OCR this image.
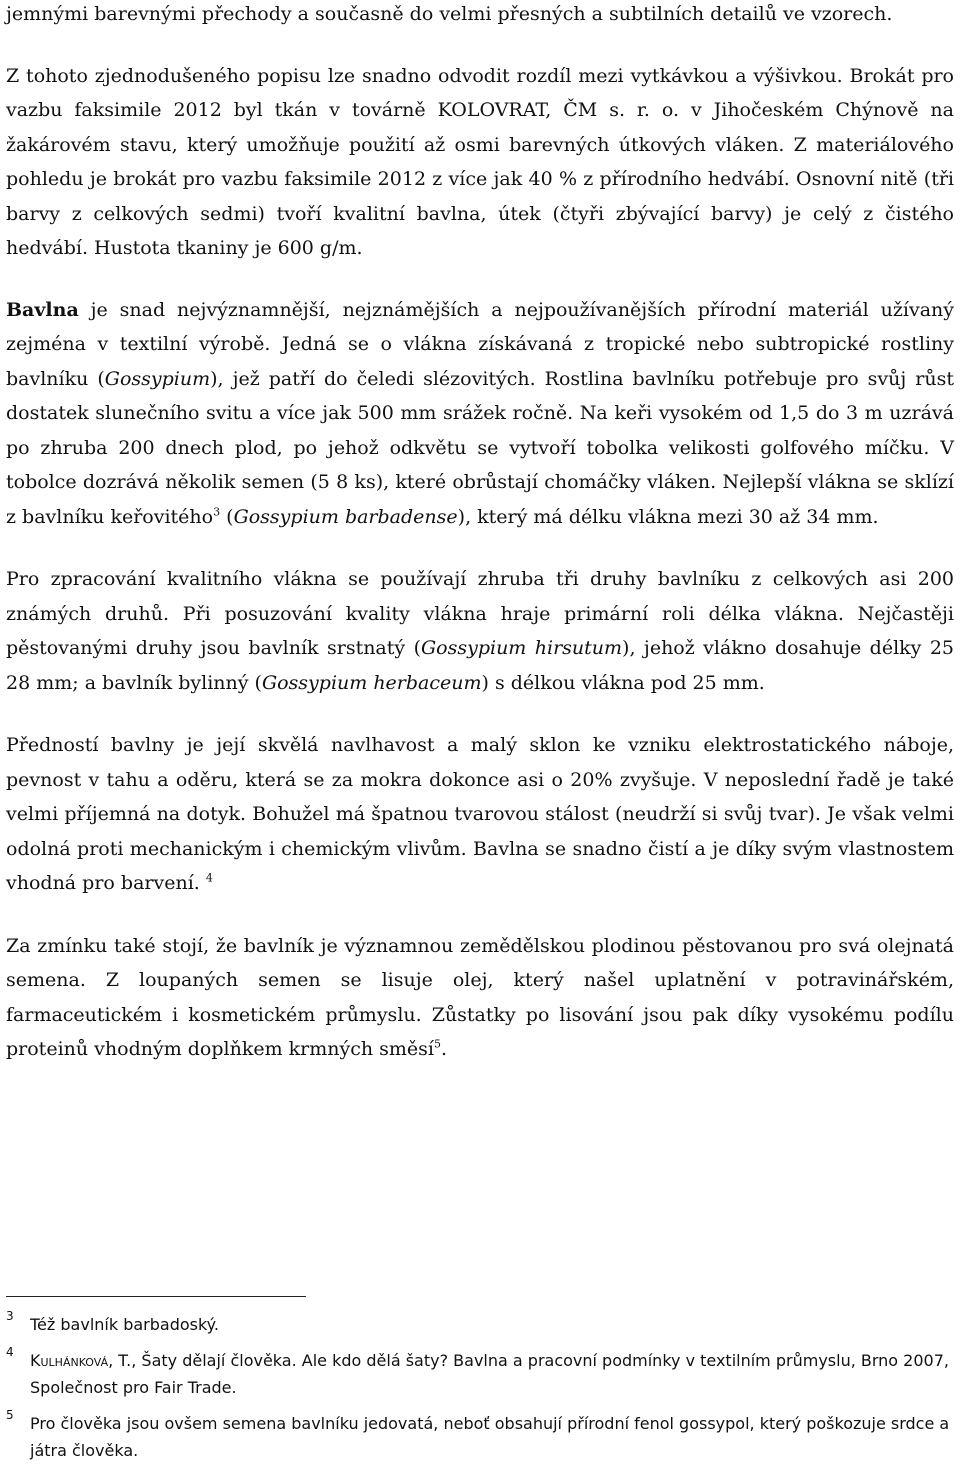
jemnými barevnými přechody a současně do velmi přesných a subtilních detailů ve vzorech.

Z tohoto zjednodušeného popisu lze snadno odvodit rozdíl mezi vytkávkou a výšivkou. Brokát pro vazbu faksimile 2012 byl tkán v továrně KOLOVRAT, ČM s. r. o. v Jihočeském Chýnově na žakárovém stavu, který umožňuje použití až osmi barevných útkových vláken. Z materiálového pohledu je brokát pro vazbu faksimile 2012 z více jak 40 % z přírodního hedvábí. Osnovní nitě (tři barvy z celkových sedmi) tvoří kvalitní bavlna, útek (čtyři zbývající barvy) je celý z čistého hedvábí. Hustota tkaniny je 600 g/m.

Bavlna je snad nejvýznamnější, nejznámějších a nejpoužívanějších přírodní materiál užívaný zejména v textilní výrobě. Jedná se o vlákna získávaná z tropické nebo subtropické rostliny bavlníku (Gossypium), jež patří do čeledi slézovitých. Rostlina bavlníku potřebuje pro svůj růst dostatek slunečního svitu a více jak 500 mm srážek ročně. Na keři vysokém od 1,5 do 3 m uzrává po zhruba 200 dnech plod, po jehož odkvětu se vytvoří tobolka velikosti golfového míčku. V tobolce dozrává několik semen (5 8 ks), které obrůstají chomáčky vláken. Nejlepší vlákna se sklízí z bavlníku keřovitého$^3$ (Gossypium barbadense), který má délku vlákna mezi 30 až 34 mm.

Pro zpracování kvalitního vlákna se používají zhruba tři druhy bavlníku z celkových asi 200 známých druhů. Při posuzování kvality vlákna hraje primární roli délka vlákna. Nejčastěji pěstovanými druhy jsou bavlník srstnatý (Gossypium hirsutum), jehož vlákno dosahuje délky 25 28 mm; a bavlník bylinný (Gossypium herbaceum) s délkou vlákna pod 25 mm.

Předností bavlny je její skvělá navlhavost a malý sklon ke vzniku elektrostatického náboje, pevnost v tahu a oděru, která se za mokra dokonce asi o 20% zvyšuje. V neposlední řadě je také velmi příjemná na dotyk. Bohužel má špatnou tvarovou stálost (neudrží si svůj tvar). Je však velmi odolná proti mechanickým i chemickým vlivům. Bavlna se snadno čistí a je díky svým vlastnostem vhodná pro barvení. $^4$

Za zmínku také stojí, že bavlník je významnou zemědělskou plodinou pěstovanou pro svá olejnatá semena. Z loupaných semen se lisuje olej, který našel uplatnění v potravinářském, farmaceutickém i kosmetickém průmyslu. Zůstatky po lisování jsou pak díky vysokému podílu proteinů vhodným doplňkem krmných směsí$^5$.

3 Též bavlník barbadoský.
4 Kulhánková, T., Šaty dělají člověka. Ale kdo dělá šaty? Bavlna a pracovní podmínky v textilním průmyslu, Brno 2007, Společnost pro Fair Trade.
5 Pro člověka jsou ovšem semena bavlníku jedovatá, neboť obsahují přírodní fenol gossypol, který poškozuje srdce a játra člověka.
